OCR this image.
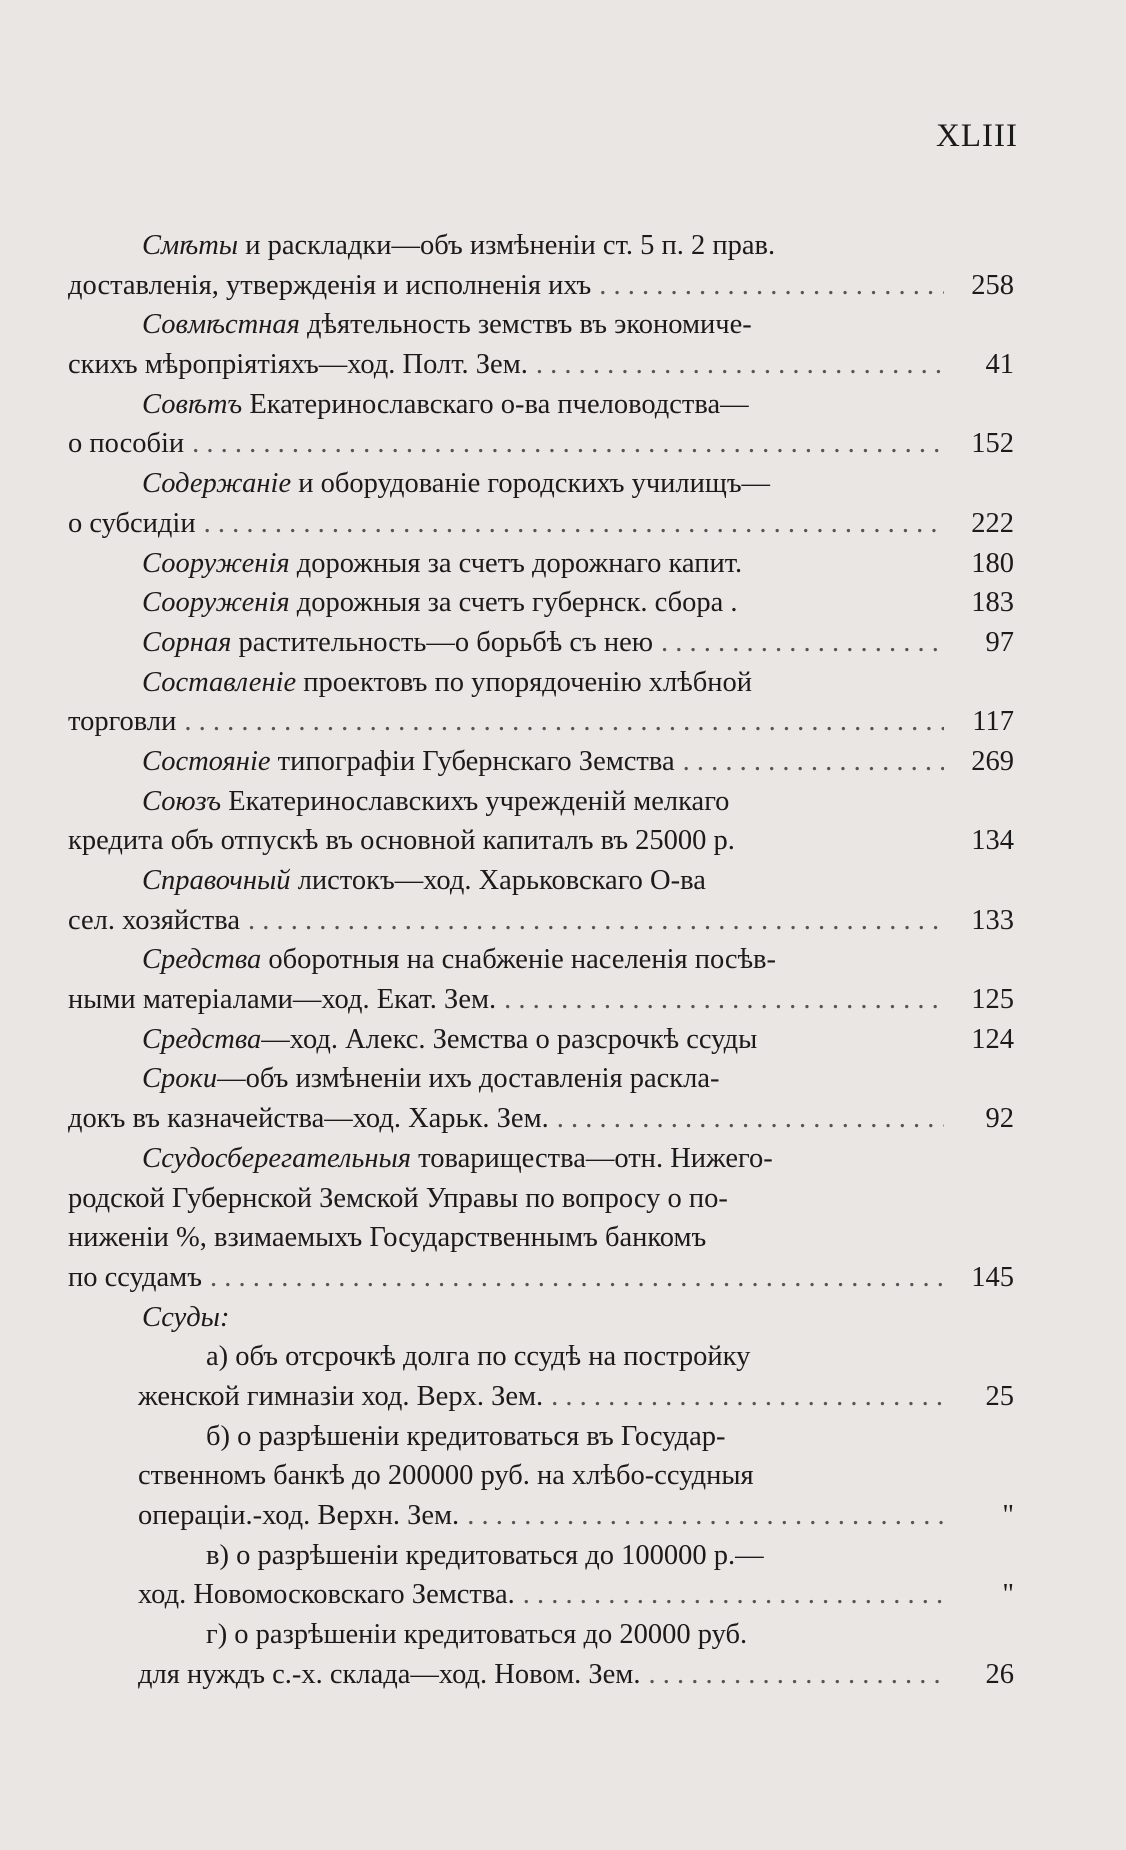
XLIII
Смѣты
и раскладки—объ измѣненіи ст. 5 п. 2 прав.
доставленія, утвержденія и исполненія ихъ . . .	258
Совмѣстная
дѣятельность земствъ въ экономиче-
скихъ мѣропріятіяхъ—ход. Полт. Зем. . . .	41
Совѣтъ
Екатеринославскаго о-ва пчеловодства—
о пособіи . . .	152
Содержаніе
и оборудованіе городскихъ училищъ—
о субсидіи . . .	222
Сооруженія
дорожныя за счетъ дорожнаго капит.	180
Сооруженія
дорожныя за счетъ губернск. сбора .	183
Сорная
растительность—о борьбѣ съ нею . . .	97
Составленіе
проектовъ по упорядоченію хлѣбной
торговли . . .	117
Состояніе
типографіи Губернскаго Земства . . .	269
Союзъ
Екатеринославскихъ учрежденій мелкаго
кредита объ отпускѣ въ основной капиталъ въ 25000 р.	134
Справочный
листокъ—ход. Харьковскаго О-ва
сел. хозяйства . . .	133
Средства
оборотныя на снабженіе населенія посѣв-
ными матеріалами—ход. Екат. Зем. . . .	125
Средства —ход. Алекс. Земства о разсрочкѣ ссуды	124
Сроки —объ измѣненіи ихъ доставленія раскла-
докъ въ казначейства—ход. Харьк. Зем. . . .	92
Ссудосберегательныя
товарищества—отн. Нижего-
родской Губернской Земской Управы по вопросу о по-
ниженіи %, взимаемыхъ Государственнымъ банкомъ
по ссудамъ . . .	145
Ссуды:
а) объ отсрочкѣ долга по ссудѣ на постройку
женской гимназіи ход. Верх. Зем. . . .	25
б) о разрѣшеніи кредитоваться въ Государ-
ственномъ банкѣ до 200000 руб. на хлѣбо-ссудныя
операціи.-ход. Верхн. Зем. . . .	"
в) о разрѣшеніи кредитоваться до 100000 р.—
ход. Новомосковскаго Земства. . . .	"
г) о разрѣшеніи кредитоваться до 20000 руб.
для нуждъ с.-х. склада—ход. Новом. Зем. . . .	26
